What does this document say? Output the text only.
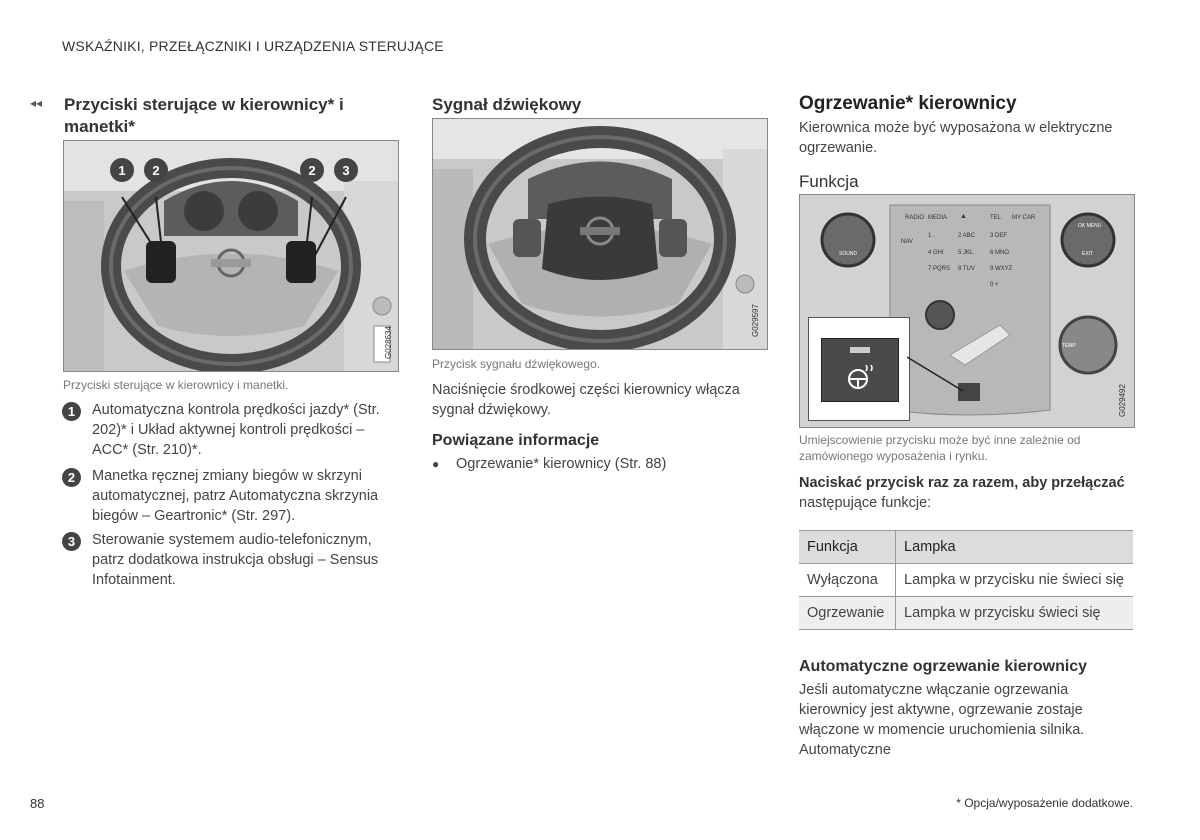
WSKAŹNIKI, PRZEŁĄCZNIKI I URZĄDZENIA STERUJĄCE
◂◂ Przyciski sterujące w kierownicy* i manetki*
1	2	2	3
G028634
Przyciski sterujące w kierownicy i manetki.
1	Automatyczna kontrola prędkości jazdy* (Str. 202)* i Układ aktywnej kontroli prędkości – ACC* (Str. 210)*.
2	Manetka ręcznej zmiany biegów w skrzyni automatycznej, patrz Automatyczna skrzynia biegów – Geartronic* (Str. 297).
3	Sterowanie systemem audio-telefonicznym, patrz dodatkowa instrukcja obsługi – Sensus Infotainment.
Sygnał dźwiękowy
G029597
Przycisk sygnału dźwiękowego.
Naciśnięcie środkowej części kierownicy włącza sygnał dźwiękowy.
Powiązane informacje
● Ogrzewanie* kierownicy (Str. 88)
Ogrzewanie* kierownicy
Kierownica może być wyposażona w elektryczne ogrzewanie.
Funkcja
RADIO MEDIA ▲	TEL MY CAR
NAV
1 .	2 ABC 3 DEF
4 GHI 5 JKL	6 MNO
7 PQRS 8 TUV	9 WXYZ
0 +
SOUND
OK MENU
EXIT
TEMP
G029492
Umiejscowienie przycisku może być inne zależnie od zamówionego wyposażenia i rynku.
Naciskać przycisk raz za razem, aby przełączać następujące funkcje:
Funkcja	Lampka
Wyłączona	Lampka w przycisku nie świeci się
Ogrzewanie	Lampka w przycisku świeci się
Automatyczne ogrzewanie kierownicy
Jeśli automatyczne włączanie ogrzewania kierownicy jest aktywne, ogrzewanie zostaje włączone w momencie uruchomienia silnika. Automatyczne
88	* Opcja/wyposażenie dodatkowe.
